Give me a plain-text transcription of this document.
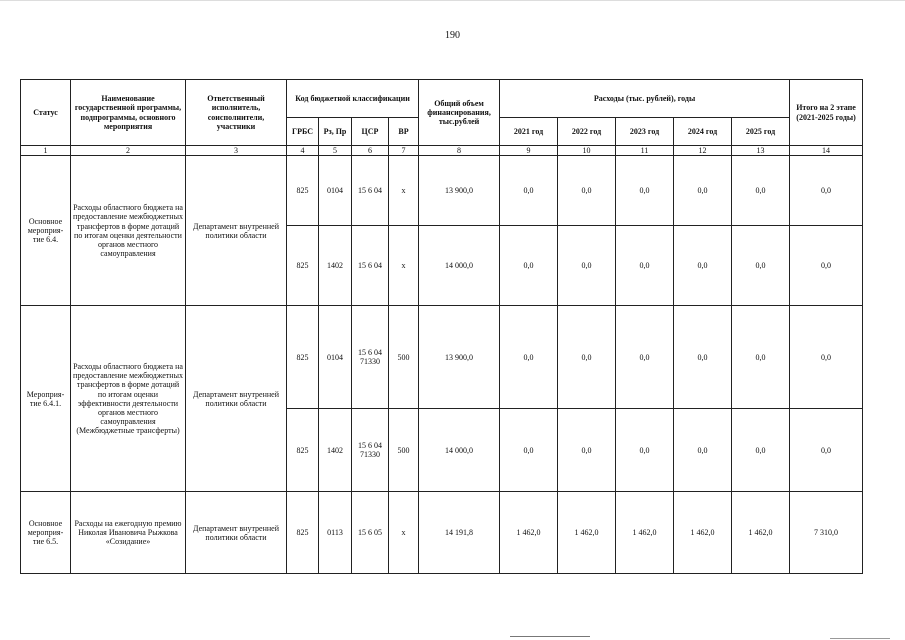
190
Статус	Наименование государственной программы, подпрограммы, основного мероприятия	Ответственный исполнитель, соисполнители, участники	Код бюджетной классификации				Общий объем финансирования, тыс.рублей	Расходы (тыс. рублей), годы					Итого на 2 этапе (2021-2025 годы)
			ГРБС	Рз, Пр	ЦСР	ВР		2021 год	2022 год	2023 год	2024 год	2025 год	
1	2	3	4	5	6	7	8	9	10	11	12	13	14
Основное мероприя-тие 6.4.	Расходы областного бюджета на предоставление межбюджетных трансфертов в форме дотаций по итогам оценки деятельности органов местного самоуправления	Департамент внутренней политики области	825	0104	15 6 04	х	13 900,0	0,0	0,0	0,0	0,0	0,0	0,0
			825	1402	15 6 04	х	14 000,0	0,0	0,0	0,0	0,0	0,0	0,0
Мероприя-тие 6.4.1.	Расходы областного бюджета на предоставление межбюджетных трансфертов в форме дотаций по итогам оценки эффективности деятельности органов местного самоуправления (Межбюджетные трансферты)	Департамент внутренней политики области	825	0104	15 6 04 71330	500	13 900,0	0,0	0,0	0,0	0,0	0,0	0,0
			825	1402	15 6 04 71330	500	14 000,0	0,0	0,0	0,0	0,0	0,0	0,0
Основное мероприя-тие 6.5.	Расходы на ежегодную премию Николая Ивановича Рыжкова «Созидание»	Департамент внутренней политики области	825	0113	15 6 05	х	14 191,8	1 462,0	1 462,0	1 462,0	1 462,0	1 462,0	7 310,0
